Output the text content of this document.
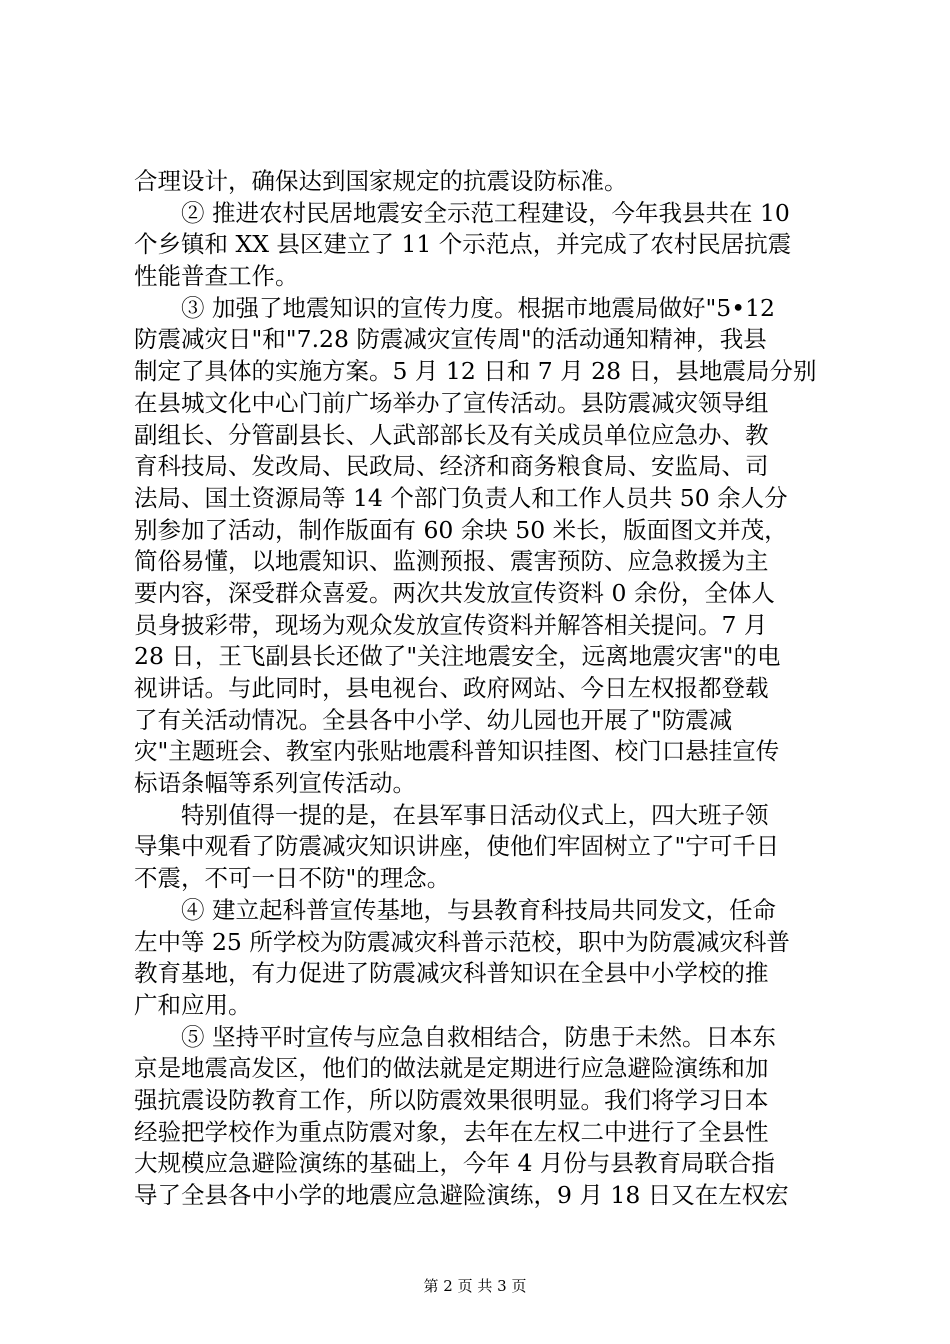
合理设计，确保达到国家规定的抗震设防标准。
② 推进农村民居地震安全示范工程建设，今年我县共在 10
个乡镇和 XX 县区建立了 11 个示范点，并完成了农村民居抗震
性能普查工作。
③ 加强了地震知识的宣传力度。根据市地震局做好"5•12
防震减灾日"和"7.28 防震减灾宣传周"的活动通知精神，我县
制定了具体的实施方案。5 月 12 日和 7 月 28 日，县地震局分别
在县城文化中心门前广场举办了宣传活动。县防震减灾领导组
副组长、分管副县长、人武部部长及有关成员单位应急办、教
育科技局、发改局、民政局、经济和商务粮食局、安监局、司
法局、国土资源局等 14 个部门负责人和工作人员共 50 余人分
别参加了活动，制作版面有 60 余块 50 米长，版面图文并茂，
简俗易懂，以地震知识、监测预报、震害预防、应急救援为主
要内容，深受群众喜爱。两次共发放宣传资料 0 余份，全体人
员身披彩带，现场为观众发放宣传资料并解答相关提问。7 月
28 日，王飞副县长还做了"关注地震安全，远离地震灾害"的电
视讲话。与此同时，县电视台、政府网站、今日左权报都登载
了有关活动情况。全县各中小学、幼儿园也开展了"防震减
灾"主题班会、教室内张贴地震科普知识挂图、校门口悬挂宣传
标语条幅等系列宣传活动。
特别值得一提的是，在县军事日活动仪式上，四大班子领
导集中观看了防震减灾知识讲座，使他们牢固树立了"宁可千日
不震，不可一日不防"的理念。
④ 建立起科普宣传基地，与县教育科技局共同发文，任命
左中等 25 所学校为防震减灾科普示范校，职中为防震减灾科普
教育基地，有力促进了防震减灾科普知识在全县中小学校的推
广和应用。
⑤ 坚持平时宣传与应急自救相结合，防患于未然。日本东
京是地震高发区，他们的做法就是定期进行应急避险演练和加
强抗震设防教育工作，所以防震效果很明显。我们将学习日本
经验把学校作为重点防震对象，去年在左权二中进行了全县性
大规模应急避险演练的基础上，今年 4 月份与县教育局联合指
导了全县各中小学的地震应急避险演练，9 月 18 日又在左权宏
第 2 页 共 3 页
